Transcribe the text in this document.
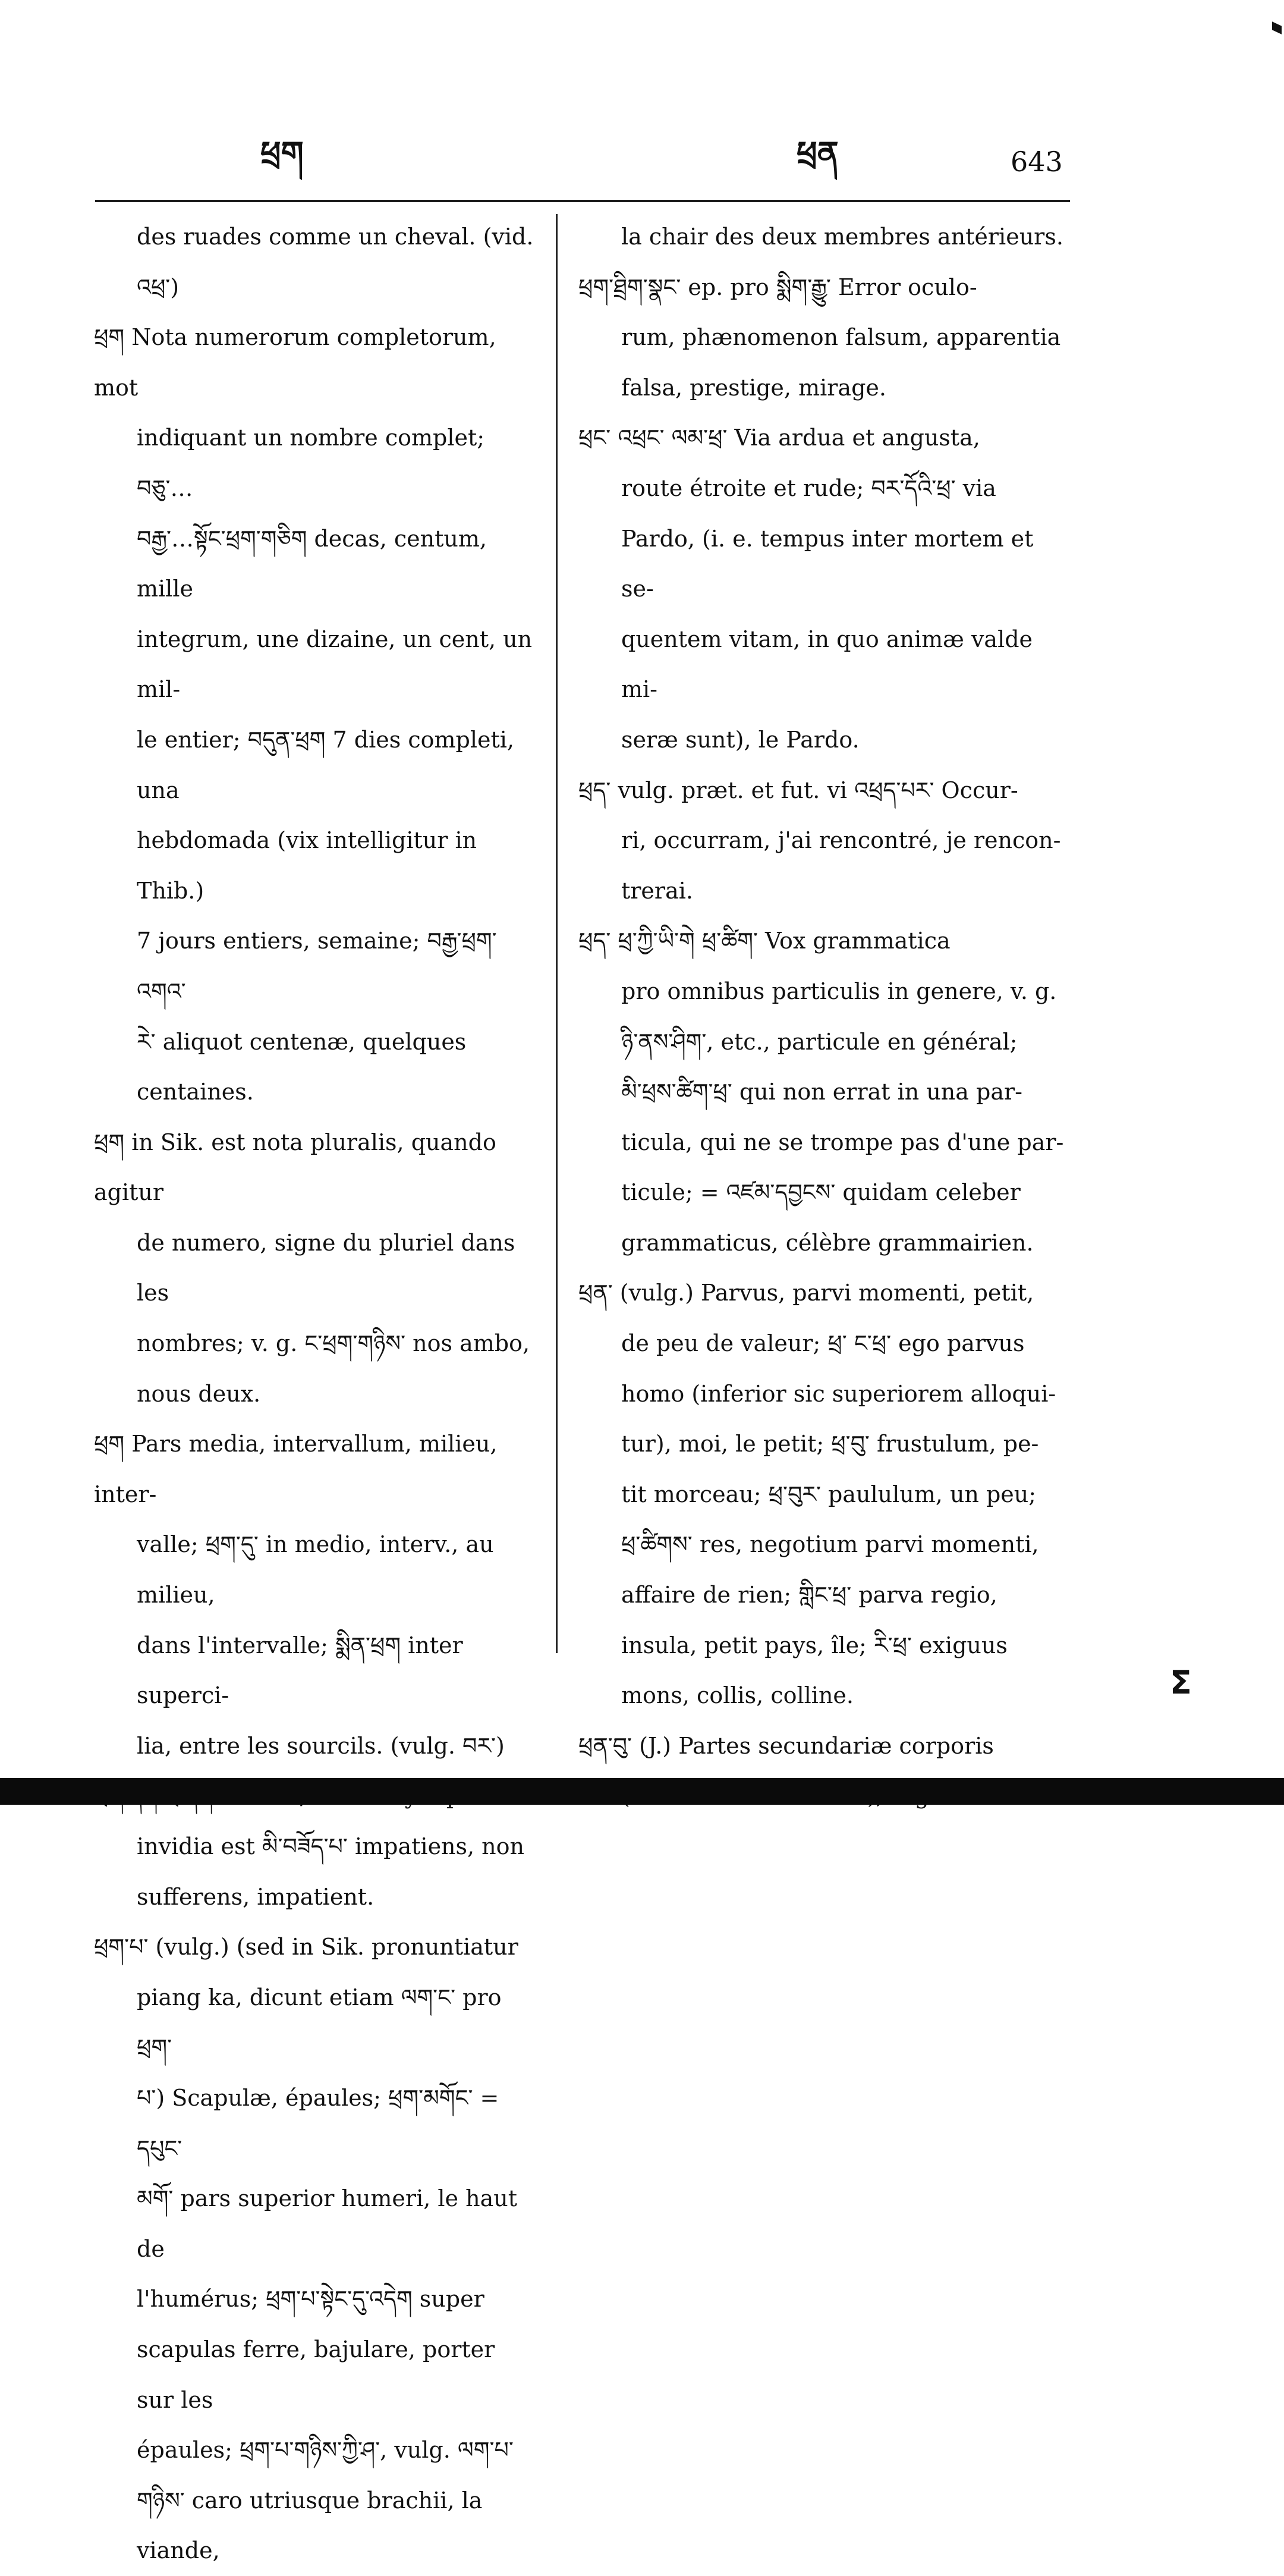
ཕྲག	ཕྲན	643

des ruades comme un cheval. (vid. འཕྲ་)

ཕྲག Nota numerorum completorum, mot

indiquant un nombre complet; བཅུ་…

བརྒྱ་…སྟོང་ཕྲག་གཅིག decas, centum, mille

integrum, une dizaine, un cent, un mil-

le entier; བདུན་ཕྲག 7 dies completi, una

hebdomada (vix intelligitur in Thib.)

7 jours entiers, semaine; བརྒྱ་ཕྲག་འགའ་

རེ་ aliquot centenæ, quelques centaines.

ཕྲག in Sik. est nota pluralis, quando agitur

de numero, signe du pluriel dans les

nombres; v. g. ང་ཕྲག་གཉིས་ nos ambo,

nous deux.

ཕྲག Pars media, intervallum, milieu, inter-

valle; ཕྲག་དུ་ in medio, interv., au milieu,

dans l'intervalle; སྨིན་ཕྲག inter superci-

lia, entre les sourcils. (vulg. བར་)

invidia est མི་བཟོད་པ་ impatiens, non

sufferens, impatient.

ཕྲག་པ་ (vulg.) (sed in Sik. pronuntiatur

piang ka, dicunt etiam ལག་ང་ pro ཕྲག་

པ་) Scapulæ, épaules; ཕྲག་མགོང་ = དཔུང་

མགོ་ pars superior humeri, le haut de

l'humérus; ཕྲག་པ་སྟེང་དུ་འདེག super

scapulas ferre, bajulare, porter sur les

épaules; ཕྲག་པ་གཉིས་ཀྱི་ཤ་, vulg. ལག་པ་

གཉིས་ caro utriusque brachii, la viande,

la chair des deux membres antérieurs.

ཕྲག་ཐྲིག་སྣང་ ep. pro སྨིག་རྒྱུ་ Error oculo-

rum, phænomenon falsum, apparentia

falsa, prestige, mirage.

ཕྲང་ འཕྲང་ ལམ་ཕྲ་ Via ardua et angusta,

route étroite et rude; བར་དོའི་ཕྲ་ via

Pardo, (i. e. tempus inter mortem et se-

quentem vitam, in quo animæ valde mi-

seræ sunt), le Pardo.

ཕྲད་ vulg. præt. et fut. vi འཕྲད་པར་ Occur-

ri, occurram, j'ai rencontré, je rencon-

trerai.

ཕྲད་ ཕྲ་ཀྱི་ཡི་གེ ཕྲ་ཚིག་ Vox grammatica

pro omnibus particulis in genere, v. g.

ཉི་ནས་ཤིག་, etc., particule en général;

མི་ཕྲས་ཚིག་ཕྲ་ qui non errat in una par-

ticula, qui ne se trompe pas d'une par-

ticule; = འཛམ་དབྱངས་ quidam celeber

grammaticus, célèbre grammairien.

ཕྲན་ (vulg.) Parvus, parvi momenti, petit,

de peu de valeur; ཕྲ་ ང་ཕྲ་ ego parvus

homo (inferior sic superiorem alloqui-

tur), moi, le petit; ཕྲ་བུ་ frustulum, pe-

tit morceau; ཕྲ་བུར་ paululum, un peu;

ཕྲ་ཚིགས་ res, negotium parvi momenti,

affaire de rien; གླིང་ཕྲ་ parva regio,

insula, petit pays, île; རི་ཕྲ་ exiguus

mons, collis, colline.

ཕྲན་བུ་ (J.) Partes secundariæ corporis

Σ
